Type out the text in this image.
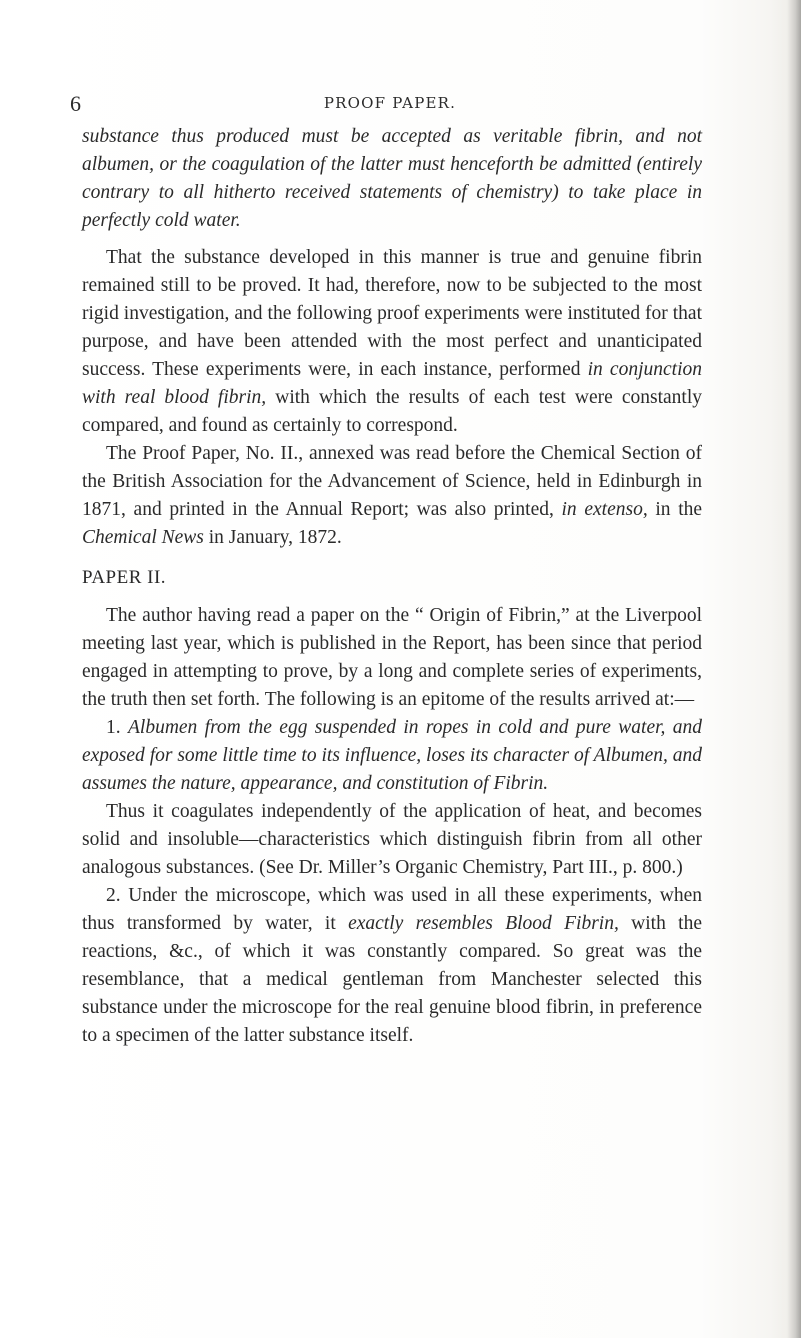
6	PROOF PAPER.

substance thus produced must be accepted as veritable fibrin, and not albumen, or the coagulation of the latter must henceforth be admitted (entirely contrary to all hitherto received statements of chemistry) to take place in perfectly cold water.

That the substance developed in this manner is true and genuine fibrin remained still to be proved. It had, therefore, now to be subjected to the most rigid investigation, and the following proof experiments were instituted for that purpose, and have been attended with the most perfect and unanticipated success. These experiments were, in each instance, performed in conjunction with real blood fibrin, with which the results of each test were constantly compared, and found as certainly to correspond.

The Proof Paper, No. II., annexed was read before the Chemical Section of the British Association for the Advancement of Science, held in Edinburgh in 1871, and printed in the Annual Report; was also printed, in extenso, in the Chemical News in January, 1872.

PAPER II.

The author having read a paper on the “ Origin of Fibrin,” at the Liverpool meeting last year, which is published in the Report, has been since that period engaged in attempting to prove, by a long and complete series of experiments, the truth then set forth. The following is an epitome of the results arrived at:—

1. Albumen from the egg suspended in ropes in cold and pure water, and exposed for some little time to its influence, loses its character of Albumen, and assumes the nature, appearance, and constitution of Fibrin.

Thus it coagulates independently of the application of heat, and becomes solid and insoluble—characteristics which distinguish fibrin from all other analogous substances. (See Dr. Miller’s Organic Chemistry, Part III., p. 800.)

2. Under the microscope, which was used in all these experiments, when thus transformed by water, it exactly resembles Blood Fibrin, with the reactions, &c., of which it was constantly compared. So great was the resemblance, that a medical gentleman from Manchester selected this substance under the microscope for the real genuine blood fibrin, in preference to a specimen of the latter substance itself.
